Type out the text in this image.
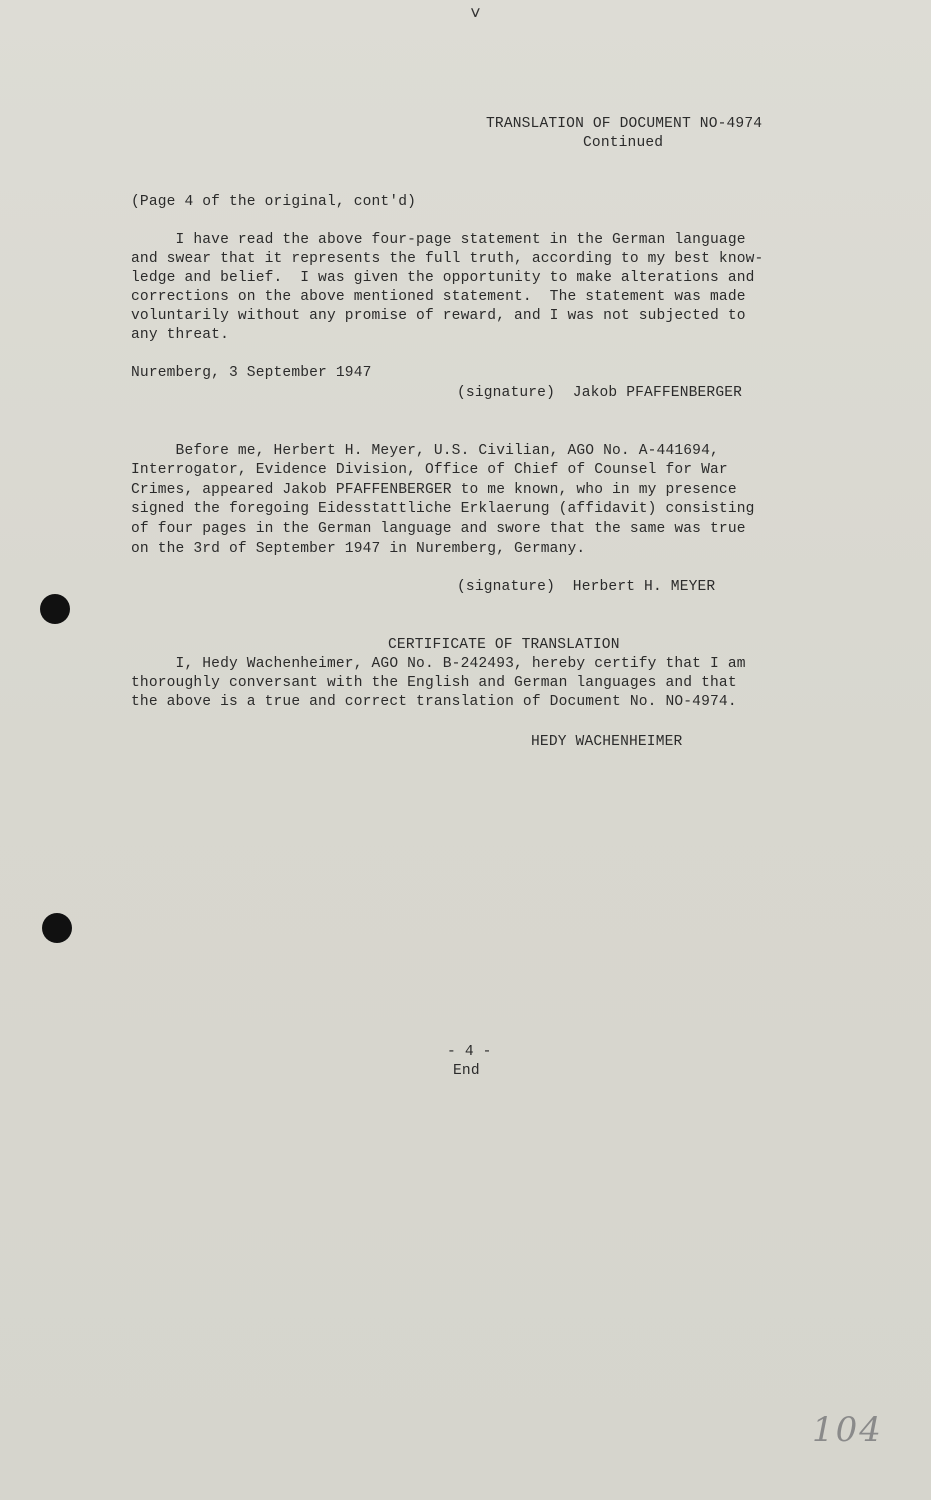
˅
TRANSLATION OF DOCUMENT NO-4974
Continued
(Page 4 of the original, cont'd)
I have read the above four-page statement in the German language
and swear that it represents the full truth, according to my best know-
ledge and belief.  I was given the opportunity to make alterations and
corrections on the above mentioned statement.  The statement was made
voluntarily without any promise of reward, and I was not subjected to
any threat.
Nuremberg, 3 September 1947
(signature)  Jakob PFAFFENBERGER
Before me, Herbert H. Meyer, U.S. Civilian, AGO No. A-441694,
Interrogator, Evidence Division, Office of Chief of Counsel for War
Crimes, appeared Jakob PFAFFENBERGER to me known, who in my presence
signed the foregoing Eidesstattliche Erklaerung (affidavit) consisting
of four pages in the German language and swore that the same was true
on the 3rd of September 1947 in Nuremberg, Germany.
(signature)  Herbert H. MEYER
CERTIFICATE OF TRANSLATION
I, Hedy Wachenheimer, AGO No. B-242493, hereby certify that I am
thoroughly conversant with the English and German languages and that
the above is a true and correct translation of Document No. NO-4974.
HEDY WACHENHEIMER
- 4 -
End
104
